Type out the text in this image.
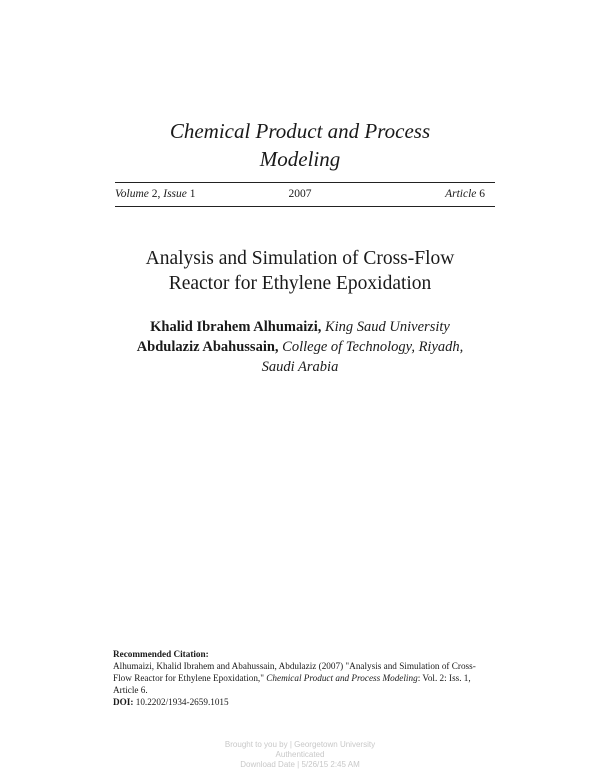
Chemical Product and Process
Modeling
Volume 2, Issue 1	2007	Article 6
Analysis and Simulation of Cross-Flow
Reactor for Ethylene Epoxidation
Khalid Ibrahem Alhumaizi, King Saud University
Abdulaziz Abahussain, College of Technology, Riyadh,
Saudi Arabia
Recommended Citation:
Alhumaizi, Khalid Ibrahem and Abahussain, Abdulaziz (2007) "Analysis and Simulation of Cross-Flow Reactor for Ethylene Epoxidation," Chemical Product and Process Modeling: Vol. 2: Iss. 1, Article 6.
DOI: 10.2202/1934-2659.1015
Brought to you by | Georgetown University
Authenticated
Download Date | 5/26/15 2:45 AM
